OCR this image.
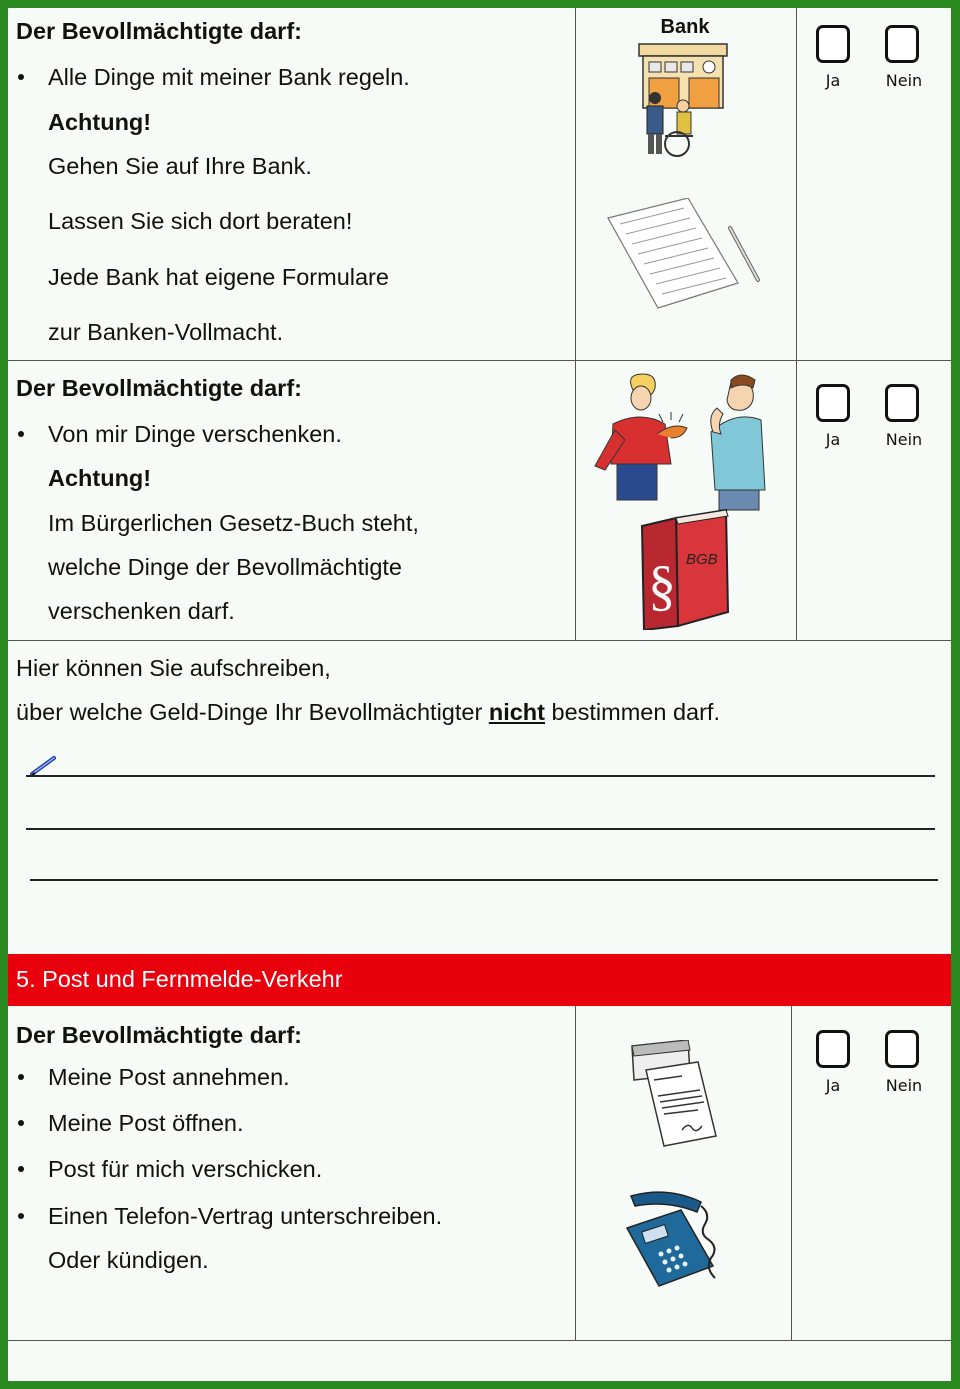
Der Bevollmächtigte darf:
Alle Dinge mit meiner Bank regeln.
Achtung!
Gehen Sie auf Ihre Bank.
Lassen Sie sich dort beraten!
Jede Bank hat eigene Formulare
zur Banken-Vollmacht.
Bank
Ja	Nein
Der Bevollmächtigte darf:
Von mir Dinge verschenken.
Achtung!
Im Bürgerlichen Gesetz-Buch steht,
welche Dinge der Bevollmächtigte
verschenken darf.
BGB
§
Ja	Nein
Hier können Sie aufschreiben,
über welche Geld-Dinge Ihr Bevollmächtigter nicht bestimmen darf.
5. Post und Fernmelde-Verkehr
Der Bevollmächtigte darf:
Meine Post annehmen.
Meine Post öffnen.
Post für mich verschicken.
Einen Telefon-Vertrag unterschreiben.
Oder kündigen.
Ja	Nein
